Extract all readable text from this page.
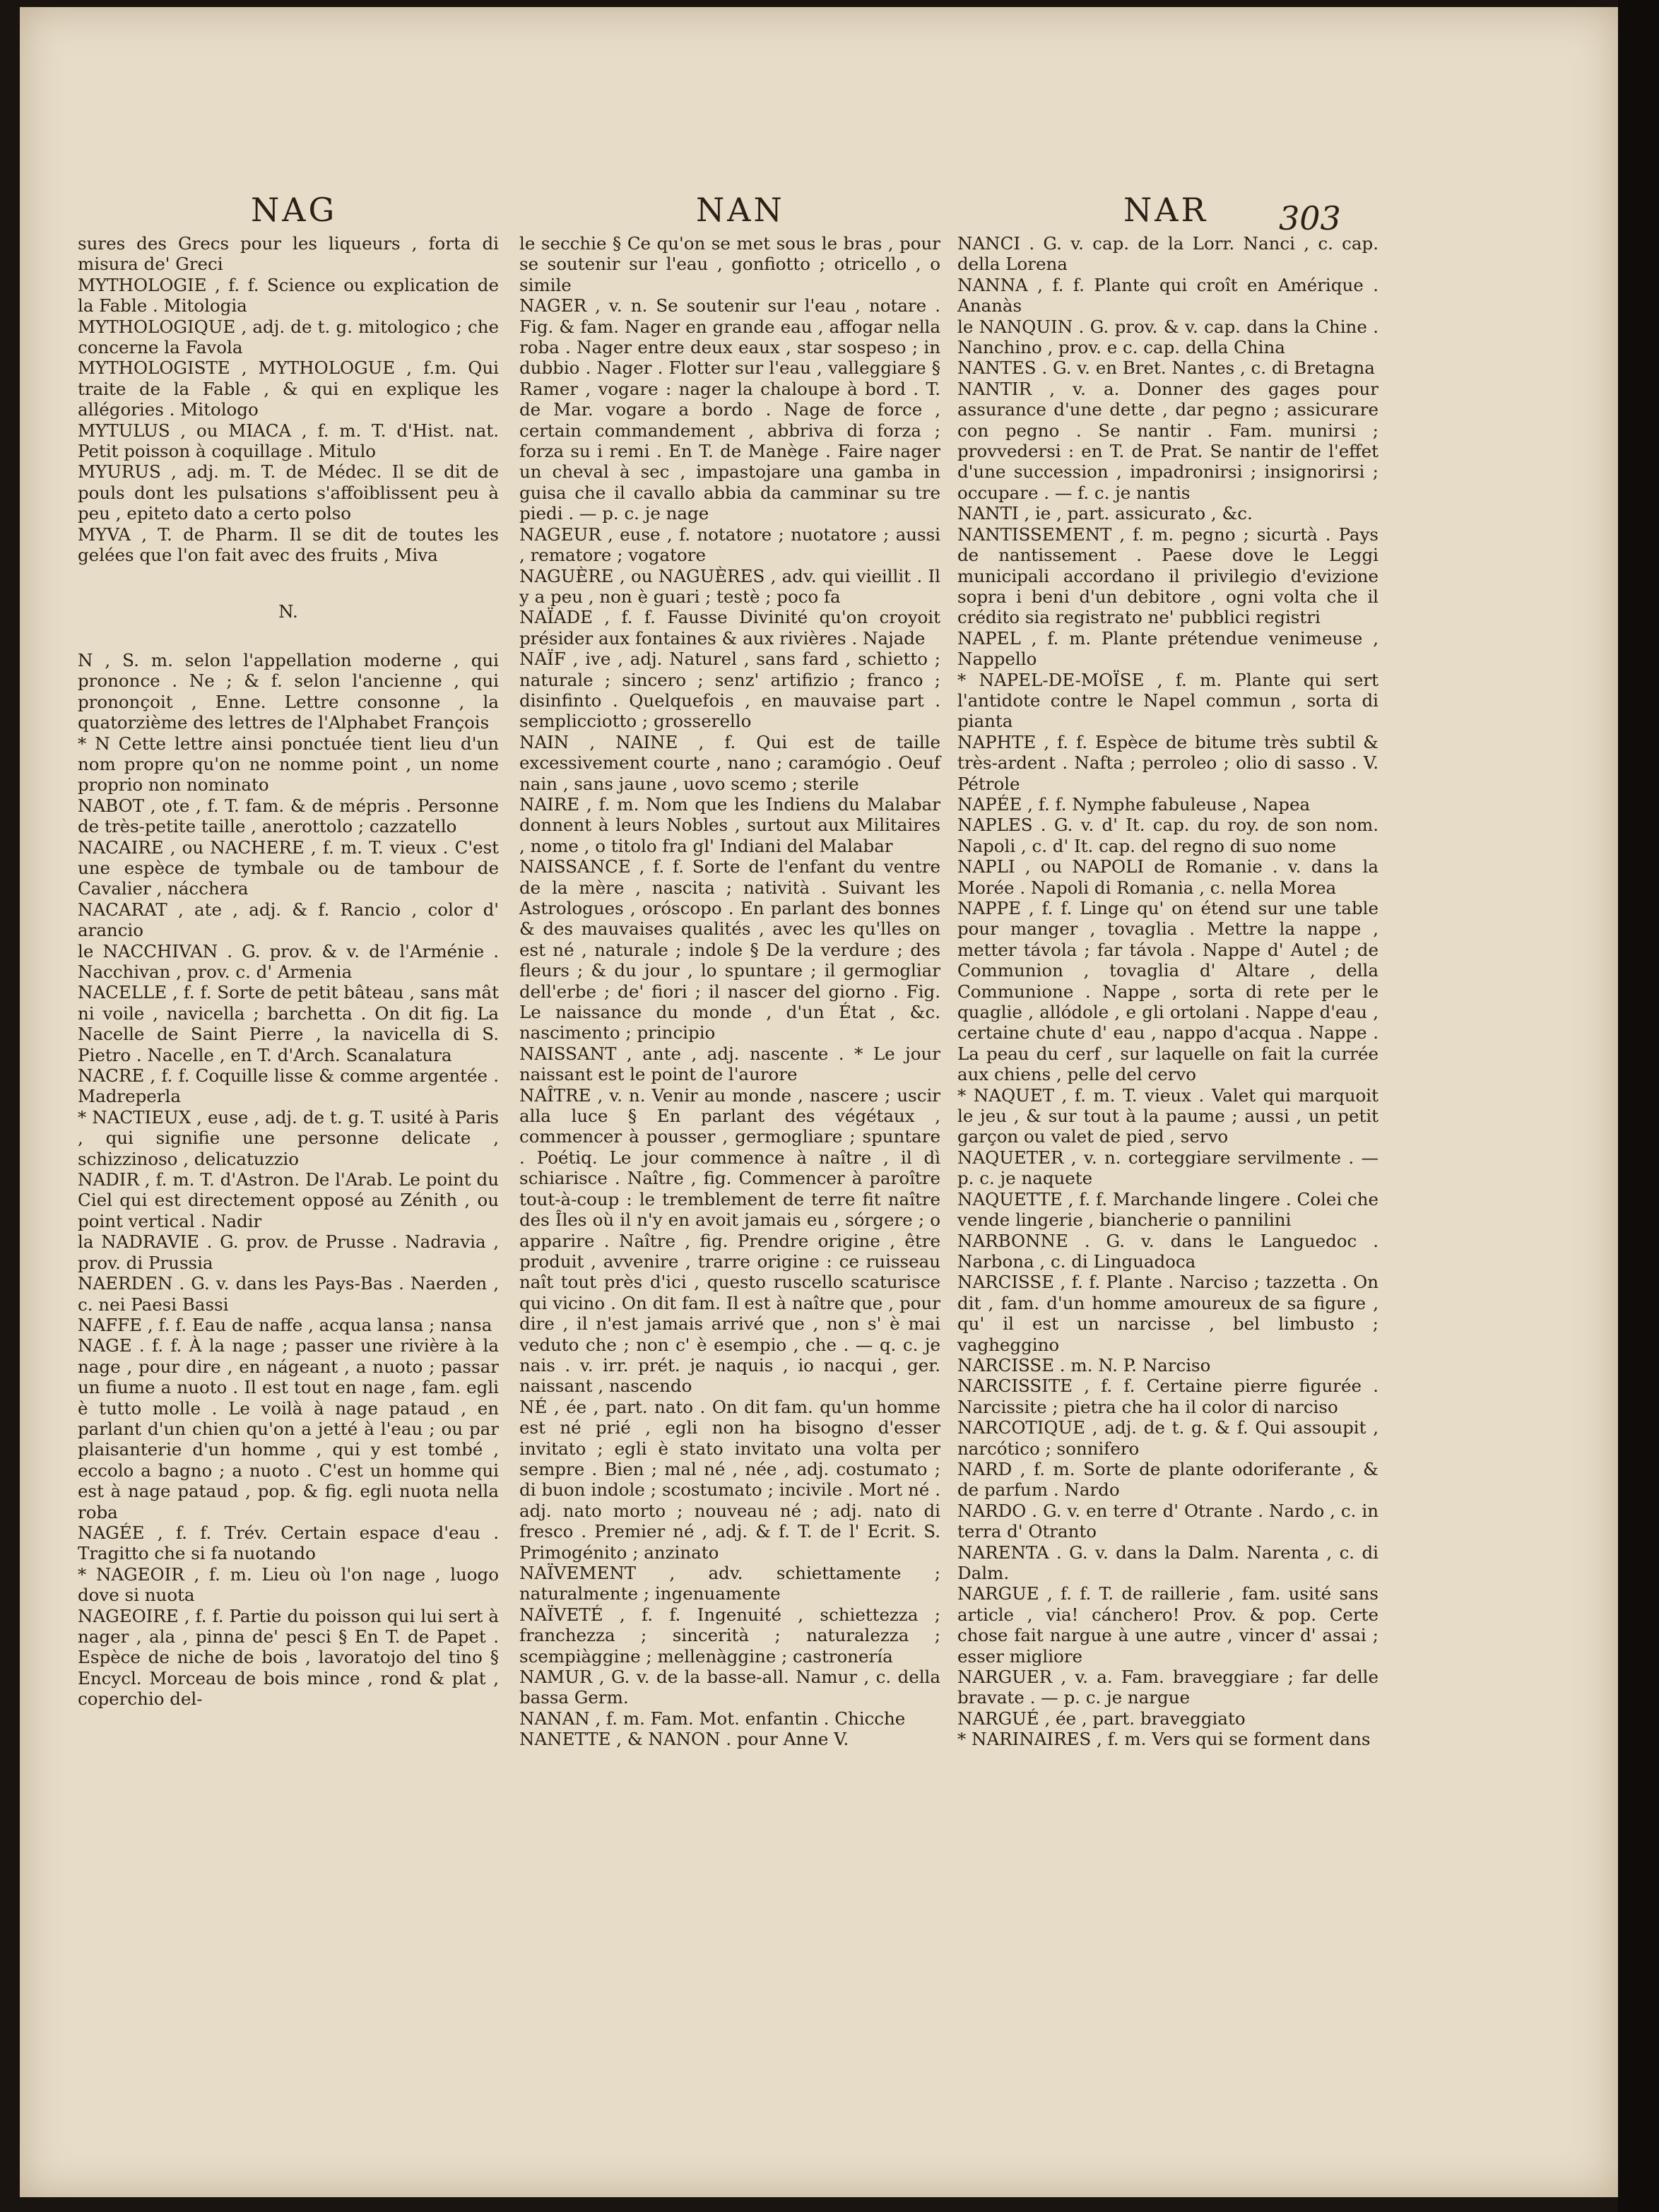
NAG	NAN	NAR 303

sures des Grecs pour les liqueurs , forta di misura de' Greci

MYTHOLOGIE , f. f. Science ou explication de la Fable . Mitologia

MYTHOLOGIQUE , adj. de t. g. mitologico ; che concerne la Favola

MYTHOLOGISTE , MYTHOLOGUE , f.m. Qui traite de la Fable , & qui en explique les allégories . Mitologo

MYTULUS , ou MIACA , f. m. T. d'Hist. nat. Petit poisson à coquillage . Mitulo

MYURUS , adj. m. T. de Médec. Il se dit de pouls dont les pulsations s'affoiblissent peu à peu , epiteto dato a certo polso

MYVA , T. de Pharm. Il se dit de toutes les gelées que l'on fait avec des fruits , Miva

N.

N , S. m. selon l'appellation moderne , qui prononce . Ne ; & f. selon l'ancienne , qui prononçoit , Enne. Lettre consonne , la quatorzième des lettres de l'Alphabet François

* N Cette lettre ainsi ponctuée tient lieu d'un nom propre qu'on ne nomme point , un nome proprio non nominato

NABOT , ote , f. T. fam. & de mépris . Personne de très-petite taille , anerottolo ; cazzatello

NACAIRE , ou NACHERE , f. m. T. vieux . C'est une espèce de tymbale ou de tambour de Cavalier , nácchera

NACARAT , ate , adj. & f. Rancio , color d' arancio

le NACCHIVAN . G. prov. & v. de l'Arménie . Nacchivan , prov. c. d' Armenia

NACELLE , f. f. Sorte de petit bâteau , sans mât ni voile , navicella ; barchetta . On dit fig. La Nacelle de Saint Pierre , la navicella di S. Pietro . Nacelle , en T. d'Arch. Scanalatura

NACRE , f. f. Coquille lisse & comme argentée . Madreperla

* NACTIEUX , euse , adj. de t. g. T. usité à Paris , qui signifie une personne delicate , schizzinoso , delicatuzzio

NADIR , f. m. T. d'Astron. De l'Arab. Le point du Ciel qui est directement opposé au Zénith , ou point vertical . Nadir

la NADRAVIE . G. prov. de Prusse . Nadravia , prov. di Prussia

NAERDEN . G. v. dans les Pays-Bas . Naerden , c. nei Paesi Bassi

NAFFE , f. f. Eau de naffe , acqua lansa ; nansa

NAGE . f. f. À la nage ; passer une rivière à la nage , pour dire , en nágeant , a nuoto ; passar un fiume a nuoto . Il est tout en nage , fam. egli è tutto molle . Le voilà à nage pataud , en parlant d'un chien qu'on a jetté à l'eau ; ou par plaisanterie d'un homme , qui y est tombé , eccolo a bagno ; a nuoto . C'est un homme qui est à nage pataud , pop. & fig. egli nuota nella roba

NAGÉE , f. f. Trév. Certain espace d'eau . Tragitto che si fa nuotando

* NAGEOIR , f. m. Lieu où l'on nage , luogo dove si nuota

NAGEOIRE , f. f. Partie du poisson qui lui sert à nager , ala , pinna de' pesci § En T. de Papet . Espèce de niche de bois , lavoratojo del tino § Encycl. Morceau de bois mince , rond & plat , coperchio del-

le secchie § Ce qu'on se met sous le bras , pour se soutenir sur l'eau , gonfiotto ; otricello , o simile

NAGER , v. n. Se soutenir sur l'eau , notare . Fig. & fam. Nager en grande eau , affogar nella roba . Nager entre deux eaux , star sospeso ; in dubbio . Nager . Flotter sur l'eau , valleggiare § Ramer , vogare : nager la chaloupe à bord . T. de Mar. vogare a bordo . Nage de force , certain commandement , abbriva di forza ; forza su i remi . En T. de Manège . Faire nager un cheval à sec , impastojare una gamba in guisa che il cavallo abbia da camminar su tre piedi . — p. c. je nage

NAGEUR , euse , f. notatore ; nuotatore ; aussi , rematore ; vogatore

NAGUÈRE , ou NAGUÈRES , adv. qui vieillit . Il y a peu , non è guari ; testè ; poco fa

NAÏADE , f. f. Fausse Divinité qu'on croyoit présider aux fontaines & aux rivières . Najade

NAÏF , ive , adj. Naturel , sans fard , schietto ; naturale ; sincero ; senz' artifizio ; franco ; disinfinto . Quelquefois , en mauvaise part . semplicciotto ; grosserello

NAIN , NAINE , f. Qui est de taille excessivement courte , nano ; caramógio . Oeuf nain , sans jaune , uovo scemo ; sterile

NAIRE , f. m. Nom que les Indiens du Malabar donnent à leurs Nobles , surtout aux Militaires , nome , o titolo fra gl' Indiani del Malabar

NAISSANCE , f. f. Sorte de l'enfant du ventre de la mère , nascita ; natività . Suivant les Astrologues , oróscopo . En parlant des bonnes & des mauvaises qualités , avec les qu'lles on est né , naturale ; indole § De la verdure ; des fleurs ; & du jour , lo spuntare ; il germogliar dell'erbe ; de' fiori ; il nascer del giorno . Fig. Le naissance du monde , d'un État , &c. nascimento ; principio

NAISSANT , ante , adj. nascente . * Le jour naissant est le point de l'aurore

NAÎTRE , v. n. Venir au monde , nascere ; uscir alla luce § En parlant des végétaux , commencer à pousser , germogliare ; spuntare . Poétiq. Le jour commence à naître , il dì schiarisce . Naître , fig. Commencer à paroître tout-à-coup : le tremblement de terre fit naître des Îles où il n'y en avoit jamais eu , sórgere ; o apparire . Naître , fig. Prendre origine , être produit , avvenire , trarre origine : ce ruisseau naît tout près d'ici , questo ruscello scaturisce qui vicino . On dit fam. Il est à naître que , pour dire , il n'est jamais arrivé que , non s' è mai veduto che ; non c' è esempio , che . — q. c. je nais . v. irr. prét. je naquis , io nacqui , ger. naissant , nascendo

NÉ , ée , part. nato . On dit fam. qu'un homme est né prié , egli non ha bisogno d'esser invitato ; egli è stato invitato una volta per sempre . Bien ; mal né , née , adj. costumato ; di buon indole ; scostumato ; incivile . Mort né . adj. nato morto ; nouveau né ; adj. nato di fresco . Premier né , adj. & f. T. de l' Ecrit. S. Primogénito ; anzinato

NAÏVEMENT , adv. schiettamente ; naturalmente ; ingenuamente

NAÏVETÉ , f. f. Ingenuité , schiettezza ; franchezza ; sincerità ; naturalezza ; scempiàggine ; mellenàggine ; castronería

NAMUR , G. v. de la basse-all. Namur , c. della bassa Germ.

NANAN , f. m. Fam. Mot. enfantin . Chicche

NANETTE , & NANON . pour Anne V.

NANCI . G. v. cap. de la Lorr. Nanci , c. cap. della Lorena

NANNA , f. f. Plante qui croît en Amérique . Ananàs

le NANQUIN . G. prov. & v. cap. dans la Chine . Nanchino , prov. e c. cap. della China

NANTES . G. v. en Bret. Nantes , c. di Bretagna

NANTIR , v. a. Donner des gages pour assurance d'une dette , dar pegno ; assicurare con pegno . Se nantir . Fam. munirsi ; provvedersi : en T. de Prat. Se nantir de l'effet d'une succession , impadronirsi ; insignorirsi ; occupare . — f. c. je nantis

NANTI , ie , part. assicurato , &c.

NANTISSEMENT , f. m. pegno ; sicurtà . Pays de nantissement . Paese dove le Leggi municipali accordano il privilegio d'evizione sopra i beni d'un debitore , ogni volta che il crédito sia registrato ne' pubblici registri

NAPEL , f. m. Plante prétendue venimeuse , Nappello

* NAPEL-DE-MOÏSE , f. m. Plante qui sert l'antidote contre le Napel commun , sorta di pianta

NAPHTE , f. f. Espèce de bitume très subtil & très-ardent . Nafta ; perroleo ; olio di sasso . V. Pétrole

NAPÉE , f. f. Nymphe fabuleuse , Napea

NAPLES . G. v. d' It. cap. du roy. de son nom. Napoli , c. d' It. cap. del regno di suo nome

NAPLI , ou NAPOLI de Romanie . v. dans la Morée . Napoli di Romania , c. nella Morea

NAPPE , f. f. Linge qu' on étend sur une table pour manger , tovaglia . Mettre la nappe , metter távola ; far távola . Nappe d' Autel ; de Communion , tovaglia d' Altare , della Communione . Nappe , sorta di rete per le quaglie , allódole , e gli ortolani . Nappe d'eau , certaine chute d' eau , nappo d'acqua . Nappe . La peau du cerf , sur laquelle on fait la currée aux chiens , pelle del cervo

* NAQUET , f. m. T. vieux . Valet qui marquoit le jeu , & sur tout à la paume ; aussi , un petit garçon ou valet de pied , servo

NAQUETER , v. n. corteggiare servilmente . — p. c. je naquete

NAQUETTE , f. f. Marchande lingere . Colei che vende lingerie , biancherie o pannilini

NARBONNE . G. v. dans le Languedoc . Narbona , c. di Linguadoca

NARCISSE , f. f. Plante . Narciso ; tazzetta . On dit , fam. d'un homme amoureux de sa figure , qu' il est un narcisse , bel limbusto ; vagheggino

NARCISSE . m. N. P. Narciso

NARCISSITE , f. f. Certaine pierre figurée . Narcissite ; pietra che ha il color di narciso

NARCOTIQUE , adj. de t. g. & f. Qui assoupit , narcótico ; sonnifero

NARD , f. m. Sorte de plante odoriferante , & de parfum . Nardo

NARDO . G. v. en terre d' Otrante . Nardo , c. in terra d' Otranto

NARENTA . G. v. dans la Dalm. Narenta , c. di Dalm.

NARGUE , f. f. T. de raillerie , fam. usité sans article , via! cánchero! Prov. & pop. Certe chose fait nargue à une autre , vincer d' assai ; esser migliore

NARGUER , v. a. Fam. braveggiare ; far delle bravate . — p. c. je nargue

NARGUÉ , ée , part. braveggiato

* NARINAIRES , f. m. Vers qui se forment dans
